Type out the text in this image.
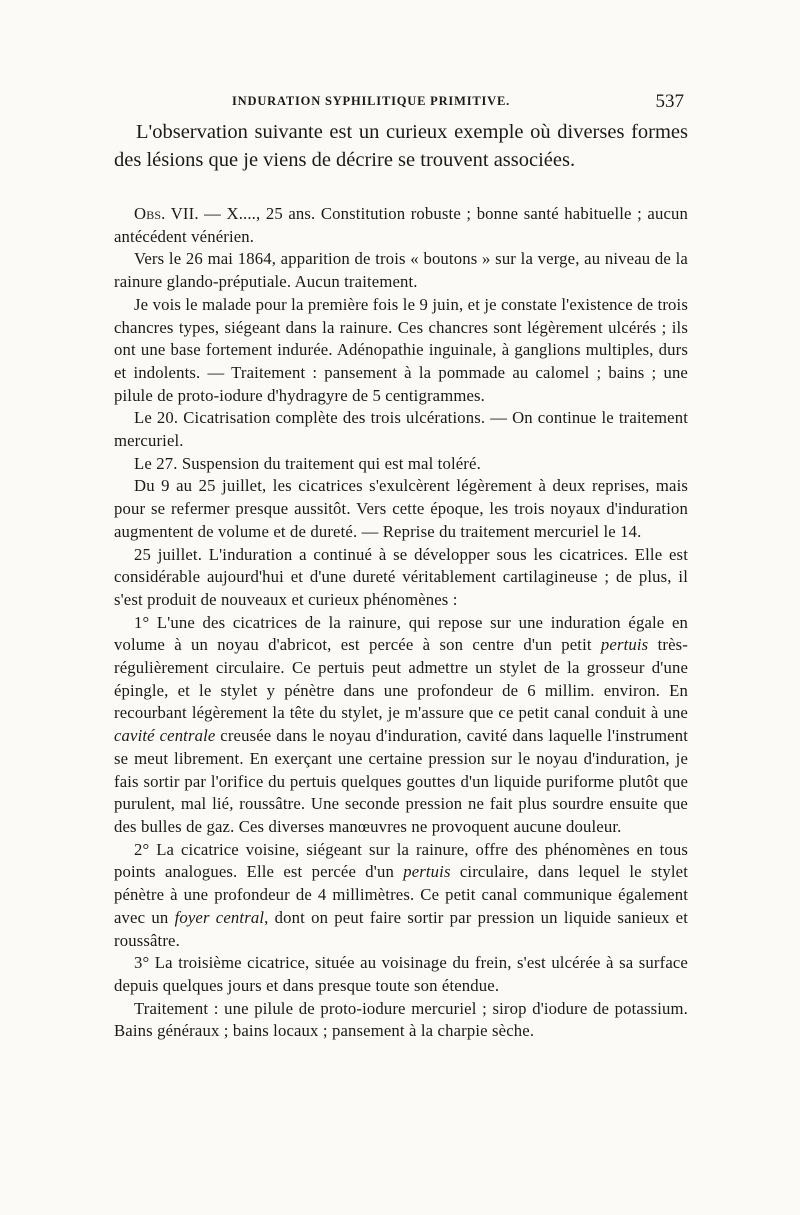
INDURATION SYPHILITIQUE PRIMITIVE.	537

L'observation suivante est un curieux exemple où diverses formes des lésions que je viens de décrire se trouvent associées.

Obs. VII. — X...., 25 ans. Constitution robuste ; bonne santé habituelle ; aucun antécédent vénérien.

Vers le 26 mai 1864, apparition de trois « boutons » sur la verge, au niveau de la rainure glando-préputiale. Aucun traitement.

Je vois le malade pour la première fois le 9 juin, et je constate l'existence de trois chancres types, siégeant dans la rainure. Ces chancres sont légèrement ulcérés ; ils ont une base fortement indurée. Adénopathie inguinale, à ganglions multiples, durs et indolents. — Traitement : pansement à la pommade au calomel ; bains ; une pilule de proto-iodure d'hydragyre de 5 centigrammes.

Le 20. Cicatrisation complète des trois ulcérations. — On continue le traitement mercuriel.

Le 27. Suspension du traitement qui est mal toléré.

Du 9 au 25 juillet, les cicatrices s'exulcèrent légèrement à deux reprises, mais pour se refermer presque aussitôt. Vers cette époque, les trois noyaux d'induration augmentent de volume et de dureté. — Reprise du traitement mercuriel le 14.

25 juillet. L'induration a continué à se développer sous les cicatrices. Elle est considérable aujourd'hui et d'une dureté véritablement cartilagineuse ; de plus, il s'est produit de nouveaux et curieux phénomènes :

1° L'une des cicatrices de la rainure, qui repose sur une induration égale en volume à un noyau d'abricot, est percée à son centre d'un petit pertuis très-régulièrement circulaire. Ce pertuis peut admettre un stylet de la grosseur d'une épingle, et le stylet y pénètre dans une profondeur de 6 millim. environ. En recourbant légèrement la tête du stylet, je m'assure que ce petit canal conduit à une cavité centrale creusée dans le noyau d'induration, cavité dans laquelle l'instrument se meut librement. En exerçant une certaine pression sur le noyau d'induration, je fais sortir par l'orifice du pertuis quelques gouttes d'un liquide puriforme plutôt que purulent, mal lié, roussâtre. Une seconde pression ne fait plus sourdre ensuite que des bulles de gaz. Ces diverses manœuvres ne provoquent aucune douleur.

2° La cicatrice voisine, siégeant sur la rainure, offre des phénomènes en tous points analogues. Elle est percée d'un pertuis circulaire, dans lequel le stylet pénètre à une profondeur de 4 millimètres. Ce petit canal communique également avec un foyer central, dont on peut faire sortir par pression un liquide sanieux et roussâtre.

3° La troisième cicatrice, située au voisinage du frein, s'est ulcérée à sa surface depuis quelques jours et dans presque toute son étendue.

Traitement : une pilule de proto-iodure mercuriel ; sirop d'iodure de potassium. Bains généraux ; bains locaux ; pansement à la charpie sèche.
